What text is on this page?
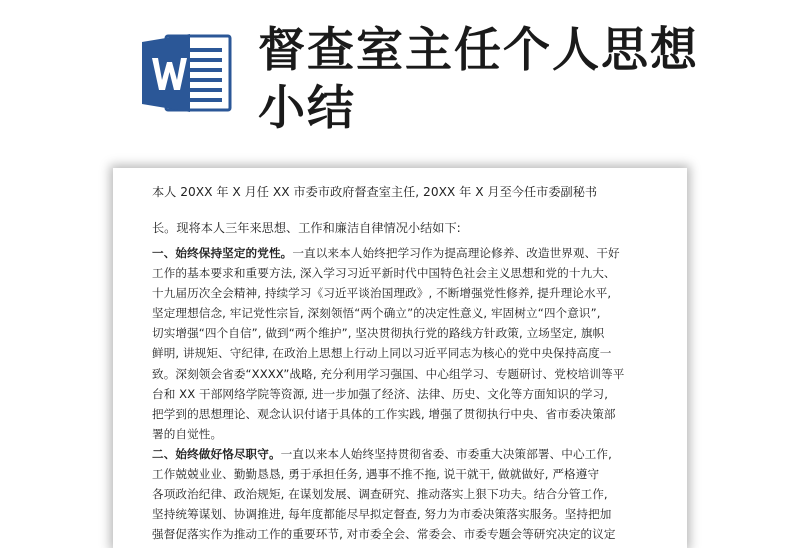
督查室主任个人思想
小结

本人 20XX 年 X 月任 XX 市委市政府督查室主任, 20XX 年 X 月至今任市委副秘书

长。现将本人三年来思想、工作和廉洁自律情况小结如下:

一、始终保持坚定的党性。一直以来本人始终把学习作为提高理论修养、改造世界观、干好

工作的基本要求和重要方法, 深入学习习近平新时代中国特色社会主义思想和党的十九大、

十九届历次全会精神, 持续学习《习近平谈治国理政》, 不断增强党性修养, 提升理论水平,

坚定理想信念, 牢记党性宗旨, 深刻领悟“两个确立”的决定性意义, 牢固树立“四个意识”,

切实增强“四个自信”, 做到“两个维护”, 坚决贯彻执行党的路线方针政策, 立场坚定, 旗帜

鲜明, 讲规矩、守纪律, 在政治上思想上行动上同以习近平同志为核心的党中央保持高度一

致。深刻领会省委“XXXX”战略, 充分利用学习强国、中心组学习、专题研讨、党校培训等平

台和 XX 干部网络学院等资源, 进一步加强了经济、法律、历史、文化等方面知识的学习,

把学到的思想理论、观念认识付诸于具体的工作实践, 增强了贯彻执行中央、省市委决策部

署的自觉性。

二、始终做好恪尽职守。一直以来本人始终坚持贯彻省委、市委重大决策部署、中心工作,

工作兢兢业业、勤勤恳恳, 勇于承担任务, 遇事不推不拖, 说干就干, 做就做好, 严格遵守

各项政治纪律、政治规矩, 在谋划发展、调查研究、推动落实上狠下功夫。结合分管工作,

坚持统筹谋划、协调推进, 每年度都能尽早拟定督查, 努力为市委决策落实服务。坚持把加

强督促落实作为推动工作的重要环节, 对市委全会、常委会、市委专题会等研究决定的议定
